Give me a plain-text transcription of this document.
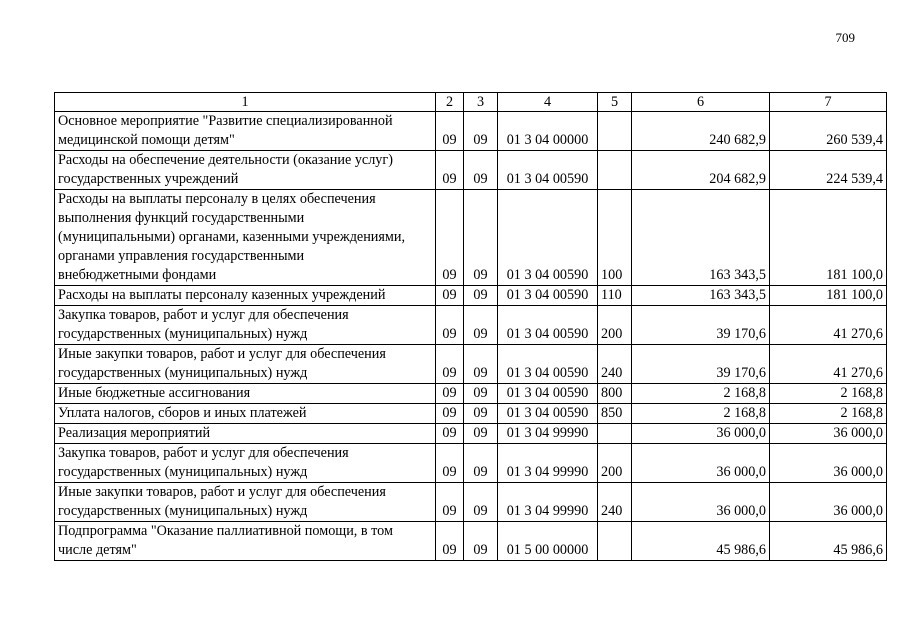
709
1	2	3	4	5	6	7
Основное мероприятие "Развитие специализированной
медицинской помощи детям"	09	09	01 3 04 00000		240 682,9	260 539,4
Расходы на обеспечение деятельности (оказание услуг)
государственных учреждений	09	09	01 3 04 00590		204 682,9	224 539,4
Расходы на выплаты персоналу в целях обеспечения
выполнения функций государственными
(муниципальными) органами, казенными учреждениями,
органами управления государственными
внебюджетными фондами	09	09	01 3 04 00590	100	163 343,5	181 100,0
Расходы на выплаты персоналу казенных учреждений	09	09	01 3 04 00590	110	163 343,5	181 100,0
Закупка товаров, работ и услуг для обеспечения
государственных (муниципальных) нужд	09	09	01 3 04 00590	200	39 170,6	41 270,6
Иные закупки товаров, работ и услуг для обеспечения
государственных (муниципальных) нужд	09	09	01 3 04 00590	240	39 170,6	41 270,6
Иные бюджетные ассигнования	09	09	01 3 04 00590	800	2 168,8	2 168,8
Уплата налогов, сборов и иных платежей	09	09	01 3 04 00590	850	2 168,8	2 168,8
Реализация мероприятий	09	09	01 3 04 99990		36 000,0	36 000,0
Закупка товаров, работ и услуг для обеспечения
государственных (муниципальных) нужд	09	09	01 3 04 99990	200	36 000,0	36 000,0
Иные закупки товаров, работ и услуг для обеспечения
государственных (муниципальных) нужд	09	09	01 3 04 99990	240	36 000,0	36 000,0
Подпрограмма "Оказание паллиативной помощи, в том
числе детям"	09	09	01 5 00 00000		45 986,6	45 986,6
